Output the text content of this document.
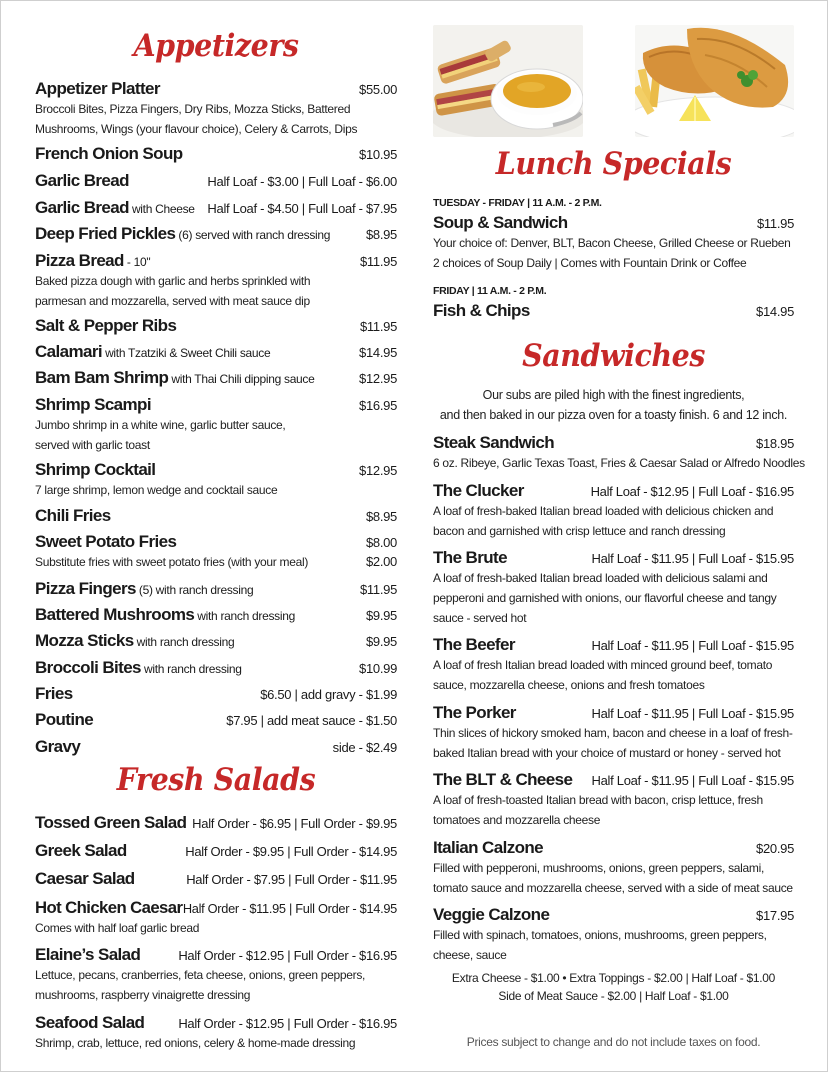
Appetizers
Appetizer Platter	$55.00
Broccoli Bites, Pizza Fingers, Dry Ribs, Mozza Sticks, Battered
Mushrooms, Wings (your flavour choice), Celery & Carrots, Dips
French Onion Soup	$10.95
Garlic Bread	Half Loaf - $3.00 | Full Loaf - $6.00
Garlic Bread with Cheese Half Loaf - $4.50 | Full Loaf - $7.95
Deep Fried Pickles (6) served with ranch dressing	$8.95
Pizza Bread - 10"	$11.95
Baked pizza dough with garlic and herbs sprinkled with
parmesan and mozzarella, served with meat sauce dip
Salt & Pepper Ribs	$11.95
Calamari with Tzatziki & Sweet Chili sauce	$14.95
Bam Bam Shrimp with Thai Chili dipping sauce	$12.95
Shrimp Scampi	$16.95
Jumbo shrimp in a white wine, garlic butter sauce,
served with garlic toast
Shrimp Cocktail	$12.95
7 large shrimp, lemon wedge and cocktail sauce
Chili Fries	$8.95
Sweet Potato Fries	$8.00
Substitute fries with sweet potato fries (with your meal)	$2.00
Pizza Fingers (5) with ranch dressing	$11.95
Battered Mushrooms with ranch dressing	$9.95
Mozza Sticks with ranch dressing	$9.95
Broccoli Bites with ranch dressing	$10.99
Fries	$6.50 | add gravy - $1.99
Poutine	$7.95 | add meat sauce - $1.50
Gravy	side - $2.49
Fresh Salads
Tossed Green Salad Half Order - $6.95 | Full Order - $9.95
Greek Salad	Half Order - $9.95 | Full Order - $14.95
Caesar Salad	Half Order - $7.95 | Full Order - $11.95
Hot Chicken Caesar Half Order - $11.95 | Full Order - $14.95
Comes with half loaf garlic bread
Elaine’s Salad	Half Order - $12.95 | Full Order - $16.95
Lettuce, pecans, cranberries, feta cheese, onions, green peppers,
mushrooms, raspberry vinaigrette dressing
Seafood Salad	Half Order - $12.95 | Full Order - $16.95
Shrimp, crab, lettuce, red onions, celery & home-made dressing
Lunch Specials
TUESDAY - FRIDAY | 11 A.M. - 2 P.M.
Soup & Sandwich	$11.95
Your choice of: Denver, BLT, Bacon Cheese, Grilled Cheese or Rueben
2 choices of Soup Daily | Comes with Fountain Drink or Coffee
FRIDAY | 11 A.M. - 2 P.M.
Fish & Chips	$14.95
Sandwiches
Our subs are piled high with the finest ingredients,
and then baked in our pizza oven for a toasty finish. 6 and 12 inch.
Steak Sandwich	$18.95
6 oz. Ribeye, Garlic Texas Toast, Fries & Caesar Salad or Alfredo Noodles
The Clucker	Half Loaf - $12.95 | Full Loaf - $16.95
A loaf of fresh-baked Italian bread loaded with delicious chicken and
bacon and garnished with crisp lettuce and ranch dressing
The Brute	Half Loaf - $11.95 | Full Loaf - $15.95
A loaf of fresh-baked Italian bread loaded with delicious salami and
pepperoni and garnished with onions, our flavorful cheese and tangy
sauce - served hot
The Beefer	Half Loaf - $11.95 | Full Loaf - $15.95
A loaf of fresh Italian bread loaded with minced ground beef, tomato
sauce, mozzarella cheese, onions and fresh tomatoes
The Porker	Half Loaf - $11.95 | Full Loaf - $15.95
Thin slices of hickory smoked ham, bacon and cheese in a loaf of fresh-
baked Italian bread with your choice of mustard or honey - served hot
The BLT & Cheese Half Loaf - $11.95 | Full Loaf - $15.95
A loaf of fresh-toasted Italian bread with bacon, crisp lettuce, fresh
tomatoes and mozzarella cheese
Italian Calzone	$20.95
Filled with pepperoni, mushrooms, onions, green peppers, salami,
tomato sauce and mozzarella cheese, served with a side of meat sauce
Veggie Calzone	$17.95
Filled with spinach, tomatoes, onions, mushrooms, green peppers,
cheese, sauce
Extra Cheese - $1.00 • Extra Toppings - $2.00 | Half Loaf - $1.00
Side of Meat Sauce - $2.00 | Half Loaf - $1.00
Prices subject to change and do not include taxes on food.
